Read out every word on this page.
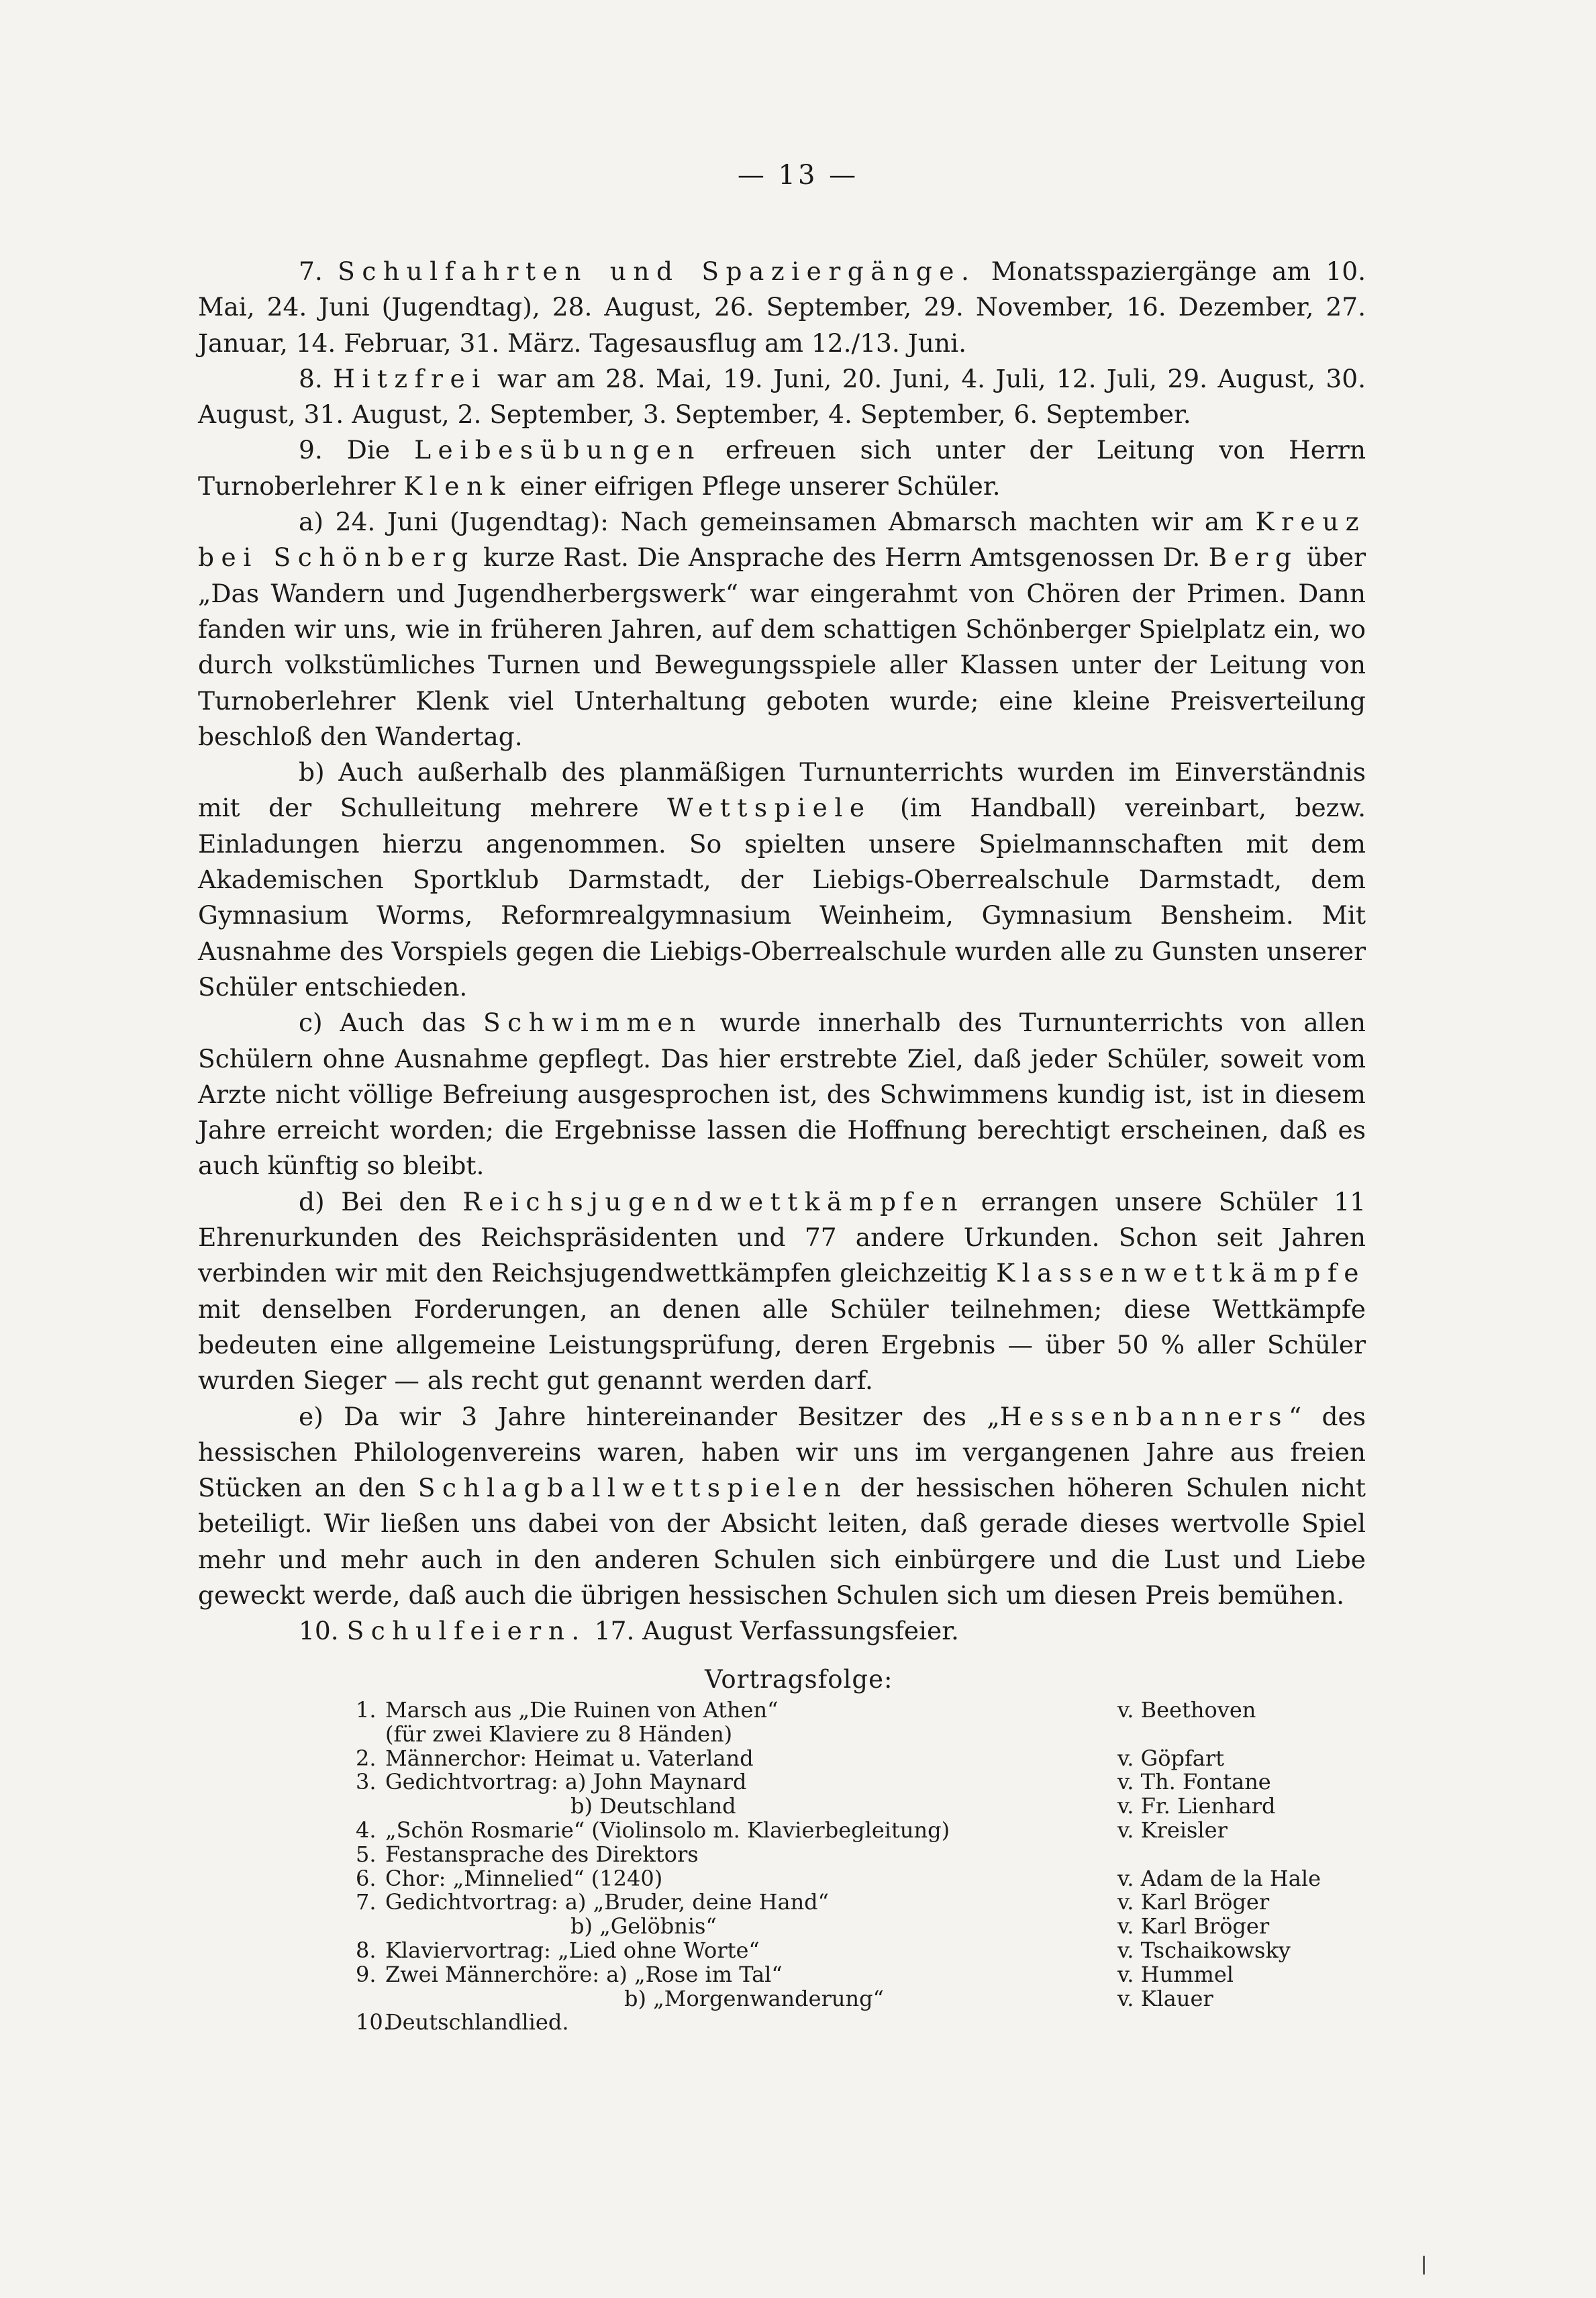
— 13 —

7. Schulfahrten und Spaziergänge. Monatsspaziergänge am 10. Mai, 24. Juni (Jugendtag), 28. August, 26. September, 29. November, 16. Dezember, 27. Januar, 14. Februar, 31. März. Tagesausflug am 12./13. Juni.

8. Hitzfrei war am 28. Mai, 19. Juni, 20. Juni, 4. Juli, 12. Juli, 29. August, 30. August, 31. August, 2. September, 3. September, 4. September, 6. September.

9. Die Leibesübungen erfreuen sich unter der Leitung von Herrn Turnoberlehrer Klenk einer eifrigen Pflege unserer Schüler.

a) 24. Juni (Jugendtag): Nach gemeinsamen Abmarsch machten wir am Kreuz bei Schönberg kurze Rast. Die Ansprache des Herrn Amtsgenossen Dr. Berg über „Das Wandern und Jugendherbergswerk“ war eingerahmt von Chören der Primen. Dann fanden wir uns, wie in früheren Jahren, auf dem schattigen Schönberger Spielplatz ein, wo durch volkstümliches Turnen und Bewegungsspiele aller Klassen unter der Leitung von Turnoberlehrer Klenk viel Unterhaltung geboten wurde; eine kleine Preisverteilung beschloß den Wandertag.

b) Auch außerhalb des planmäßigen Turnunterrichts wurden im Einverständnis mit der Schulleitung mehrere Wettspiele (im Handball) vereinbart, bezw. Einladungen hierzu angenommen. So spielten unsere Spielmannschaften mit dem Akademischen Sportklub Darmstadt, der Liebigs-Oberrealschule Darmstadt, dem Gymnasium Worms, Reformrealgymnasium Weinheim, Gymnasium Bensheim. Mit Ausnahme des Vorspiels gegen die Liebigs-Oberrealschule wurden alle zu Gunsten unserer Schüler entschieden.

c) Auch das Schwimmen wurde innerhalb des Turnunterrichts von allen Schülern ohne Ausnahme gepflegt. Das hier erstrebte Ziel, daß jeder Schüler, soweit vom Arzte nicht völlige Befreiung ausgesprochen ist, des Schwimmens kundig ist, ist in diesem Jahre erreicht worden; die Ergebnisse lassen die Hoffnung berechtigt erscheinen, daß es auch künftig so bleibt.

d) Bei den Reichsjugendwettkämpfen errangen unsere Schüler 11 Ehrenurkunden des Reichspräsidenten und 77 andere Urkunden. Schon seit Jahren verbinden wir mit den Reichsjugendwettkämpfen gleichzeitig Klassenwettkämpfe mit denselben Forderungen, an denen alle Schüler teilnehmen; diese Wettkämpfe bedeuten eine allgemeine Leistungsprüfung, deren Ergebnis — über 50 % aller Schüler wurden Sieger — als recht gut genannt werden darf.

e) Da wir 3 Jahre hintereinander Besitzer des „Hessenbanners“ des hessischen Philologenvereins waren, haben wir uns im vergangenen Jahre aus freien Stücken an den Schlagballwettspielen der hessischen höheren Schulen nicht beteiligt. Wir ließen uns dabei von der Absicht leiten, daß gerade dieses wertvolle Spiel mehr und mehr auch in den anderen Schulen sich einbürgere und die Lust und Liebe geweckt werde, daß auch die übrigen hessischen Schulen sich um diesen Preis bemühen.

10. Schulfeiern. 17. August Verfassungsfeier.

Vortragsfolge:
1. Marsch aus „Die Ruinen von Athen“	v. Beethoven
(für zwei Klaviere zu 8 Händen)
2. Männerchor: Heimat u. Vaterland	v. Göpfart
3. Gedichtvortrag: a) John Maynard	v. Th. Fontane
b) Deutschland	v. Fr. Lienhard
4. „Schön Rosmarie“ (Violinsolo m. Klavierbegleitung)	v. Kreisler
5. Festansprache des Direktors
6. Chor: „Minnelied“ (1240)	v. Adam de la Hale
7. Gedichtvortrag: a) „Bruder, deine Hand“	v. Karl Bröger
b) „Gelöbnis“	v. Karl Bröger
8. Klaviervortrag: „Lied ohne Worte“	v. Tschaikowsky
9. Zwei Männerchöre: a) „Rose im Tal“	v. Hummel
b) „Morgenwanderung“	v. Klauer
10.
Deutschlandlied.
